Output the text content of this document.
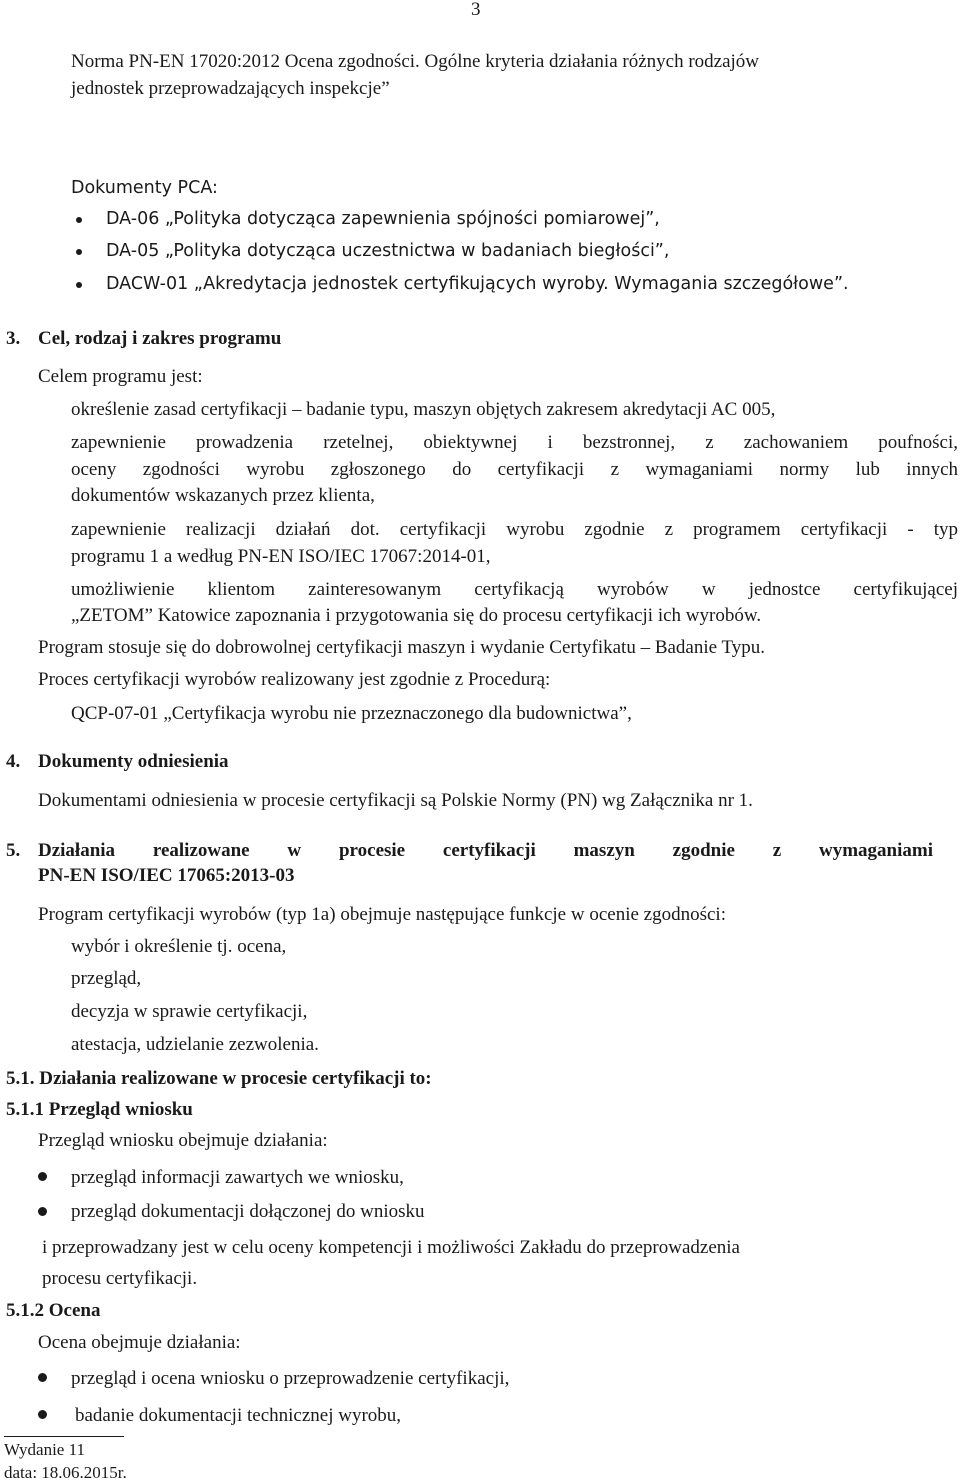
3

Norma PN-EN 17020:2012 Ocena zgodności. Ogólne kryteria działania różnych rodzajów

jednostek przeprowadzających inspekcje”

Dokumenty PCA:

DA-06 „Polityka dotycząca zapewnienia spójności pomiarowej”,

DA-05 „Polityka dotycząca uczestnictwa w badaniach biegłości”,

DACW-01 „Akredytacja jednostek certyfikujących wyroby. Wymagania szczegółowe”.

3. Cel, rodzaj i zakres programu

Celem programu jest:

określenie zasad certyfikacji – badanie typu, maszyn objętych zakresem akredytacji AC 005,

zapewnienie prowadzenia rzetelnej, obiektywnej i bezstronnej, z zachowaniem poufności,

oceny zgodności wyrobu zgłoszonego do certyfikacji z wymaganiami normy lub innych

dokumentów wskazanych przez klienta,

zapewnienie realizacji działań dot. certyfikacji wyrobu zgodnie z programem certyfikacji - typ

programu 1 a według PN-EN ISO/IEC 17067:2014-01,

umożliwienie klientom zainteresowanym certyfikacją wyrobów w jednostce certyfikującej

„ZETOM” Katowice zapoznania i przygotowania się do procesu certyfikacji ich wyrobów.

Program stosuje się do dobrowolnej certyfikacji maszyn i wydanie Certyfikatu – Badanie Typu.

Proces certyfikacji wyrobów realizowany jest zgodnie z Procedurą:

QCP-07-01 „Certyfikacja wyrobu nie przeznaczonego dla budownictwa”,

4. Dokumenty odniesienia

Dokumentami odniesienia w procesie certyfikacji są Polskie Normy (PN) wg Załącznika nr 1.

5. Działania realizowane w procesie certyfikacji maszyn zgodnie z wymaganiami

PN-EN ISO/IEC 17065:2013-03

Program certyfikacji wyrobów (typ 1a) obejmuje następujące funkcje w ocenie zgodności:

wybór i określenie tj. ocena,

przegląd,

decyzja w sprawie certyfikacji,

atestacja, udzielanie zezwolenia.

5.1. Działania realizowane w procesie certyfikacji to:

5.1.1 Przegląd wniosku

Przegląd wniosku obejmuje działania:

przegląd informacji zawartych we wniosku,

przegląd dokumentacji dołączonej do wniosku

i przeprowadzany jest w celu oceny kompetencji i możliwości Zakładu do przeprowadzenia

procesu certyfikacji.

5.1.2 Ocena

Ocena obejmuje działania:

przegląd i ocena wniosku o przeprowadzenie certyfikacji,

badanie dokumentacji technicznej wyrobu,

Wydanie 11

data: 18.06.2015r.
